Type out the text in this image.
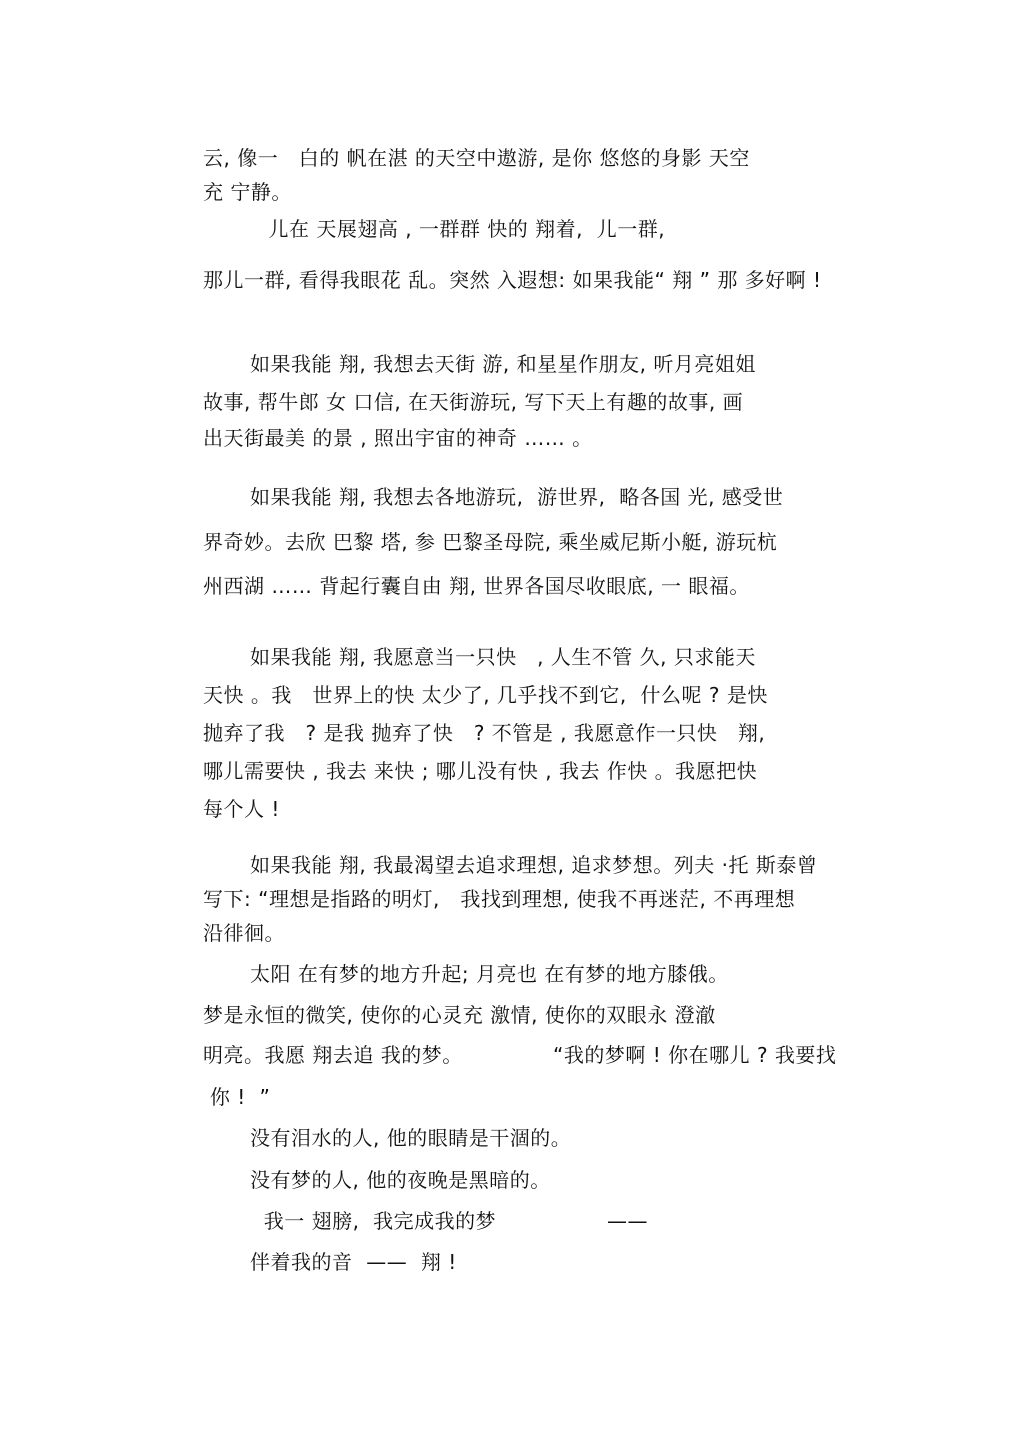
云, 像一　白的 帆在湛 的天空中遨游, 是你 悠悠的身影 天空
充 宁静。
　儿在 天展翅高 , 一群群 快的 翔着,  儿一群,
那儿一群, 看得我眼花 乱。突然 入遐想: 如果我能“ 翔 ” 那 多好啊 !
如果我能 翔, 我想去天街 游, 和星星作朋友, 听月亮姐姐
故事, 帮牛郎 女 口信, 在天街游玩, 写下天上有趣的故事, 画
出天街最美 的景 , 照出宇宙的神奇 …… 。
如果我能 翔, 我想去各地游玩,  游世界,  略各国 光, 感受世
界奇妙。去欣 巴黎 塔, 参 巴黎圣母院, 乘坐威尼斯小艇, 游玩杭
州西湖 …… 背起行囊自由 翔, 世界各国尽收眼底, 一 眼福。
如果我能 翔, 我愿意当一只快　, 人生不管 久, 只求能天
天快 。我　世界上的快 太少了, 几乎找不到它,  什么呢 ? 是快
抛弃了我　? 是我 抛弃了快　? 不管是 , 我愿意作一只快　翔,
哪儿需要快 , 我去 来快 ; 哪儿没有快 , 我去 作快 。我愿把快
每个人 !
如果我能 翔, 我最渴望去追求理想, 追求梦想。列夫 ·托 斯泰曾
写下: “理想是指路的明灯,　我找到理想, 使我不再迷茫, 不再理想
沿徘徊。
太阳 在有梦的地方升起; 月亮也 在有梦的地方膝俄。
梦是永恒的微笑, 使你的心灵充 激情, 使你的双眼永 澄澈
明亮。我愿 翔去追 我的梦。	“我的梦啊 ! 你在哪儿 ? 我要找
你 !  ”
没有泪水的人, 他的眼睛是干涸的。
没有梦的人, 他的夜晚是黑暗的。
我一 翅膀,  我完成我的梦	——
伴着我的音  ——  翔 !
